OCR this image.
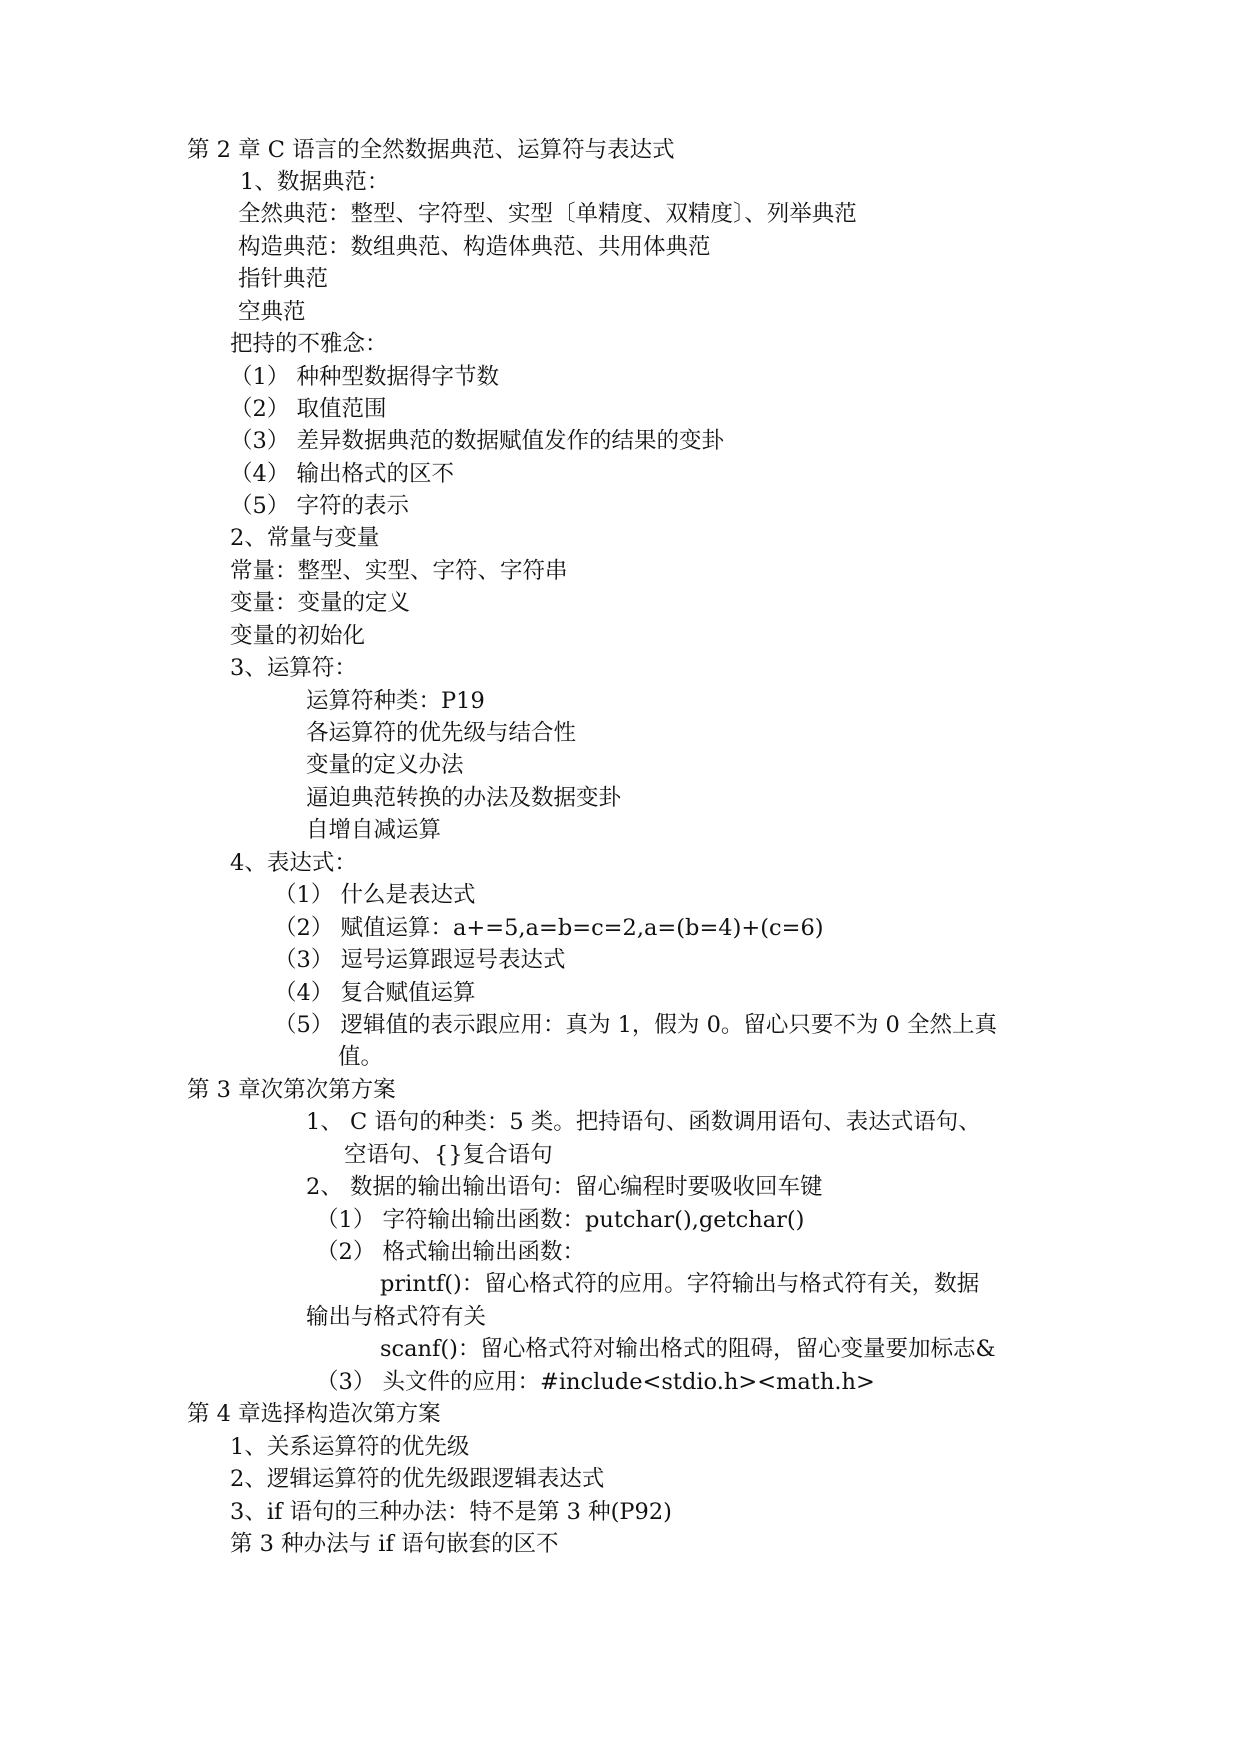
第 2 章 C 语言的全然数据典范、运算符与表达式
1、数据典范：
全然典范：整型、字符型、实型〔单精度、双精度〕、列举典范
构造典范：数组典范、构造体典范、共用体典范
指针典范
空典范
把持的不雅念：
（1） 种种型数据得字节数
（2） 取值范围
（3） 差异数据典范的数据赋值发作的结果的变卦
（4） 输出格式的区不
（5） 字符的表示
2、常量与变量
常量：整型、实型、字符、字符串
变量：变量的定义
变量的初始化
3、运算符：
运算符种类：P19
各运算符的优先级与结合性
变量的定义办法
逼迫典范转换的办法及数据变卦
自增自减运算
4、表达式：
（1） 什么是表达式
（2） 赋值运算：a+=5,a=b=c=2,a=(b=4)+(c=6)
（3） 逗号运算跟逗号表达式
（4） 复合赋值运算
（5） 逻辑值的表示跟应用：真为 1，假为 0。留心只要不为 0 全然上真
值。
第 3 章次第次第方案
1、 C 语句的种类：5 类。把持语句、函数调用语句、表达式语句、
空语句、{}复合语句
2、 数据的输出输出语句：留心编程时要吸收回车键
（1） 字符输出输出函数：putchar(),getchar()
（2） 格式输出输出函数：
printf()：留心格式符的应用。字符输出与格式符有关，数据
输出与格式符有关
scanf()：留心格式符对输出格式的阻碍，留心变量要加标志&
（3） 头文件的应用：#include<stdio.h><math.h>
第 4 章选择构造次第方案
1、关系运算符的优先级
2、逻辑运算符的优先级跟逻辑表达式
3、if 语句的三种办法：特不是第 3 种(P92)
第 3 种办法与 if 语句嵌套的区不
